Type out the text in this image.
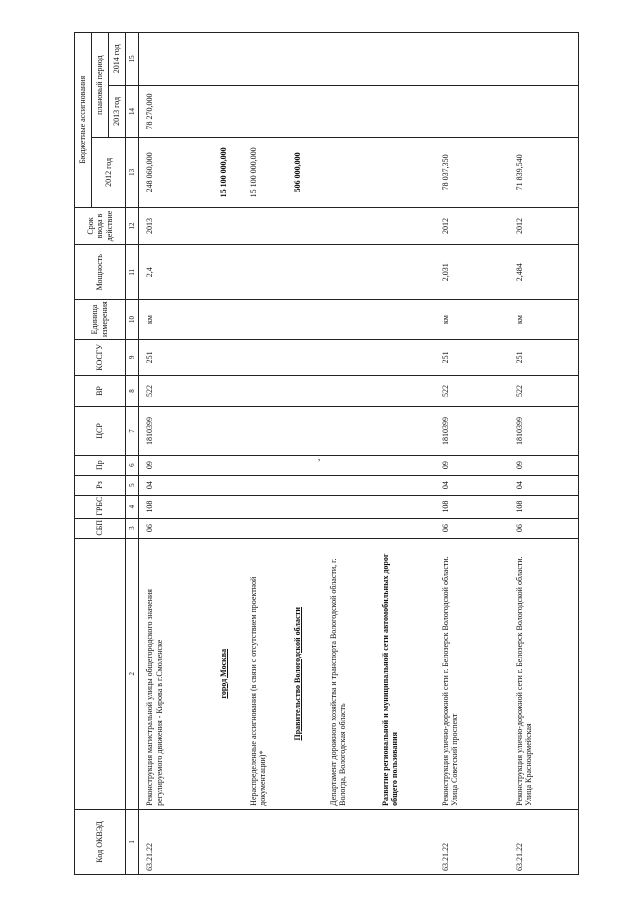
Код ОКВЭД		СБП	ГРБС	Рз	Пр	ЦСР	ВР	КОСГУ	Единица измерения	Мощность	Срок ввода в действие	Бюджетные ассигнования		
												2012 год	плановый период	
													2013 год	2014 год

1	2	3	4	5	6	7	8	9	10	11	12	13	14	15
63.21.22	Реконструкция магистральной улицы общегородского значения регулируемого движения - Кирова в г.Смоленске	06	108	04	09	1810399	522	251	км	2,4	2013	248 060,000	78 270,000	
	город Москва											15 100 000,000		
	Нераспределенные ассигнования (в связи с отсутствием проектной документации)*											15 100 000,000		
	Правительство Вологодской области											506 000,000		
	Департамент дорожного хозяйства и транспорта Вологодской области, г. Вологда, Вологодская область													
	Развитие региональной и муниципальной сети автомобильных дорог общего пользования													
63.21.22	Реконструкция улично-дорожной сети г. Белозерск Вологодской области. Улица Советский проспект	06	108	04	09	1810399	522	251	км	2,031	2012	78 037,350		
63.21.22	Реконструкция улично-дорожной сети г. Белозерск Вологодской области. Улица Красноармейская	06	108	04	09	1810399	522	251	км	2,484	2012	71 839,540		
,
